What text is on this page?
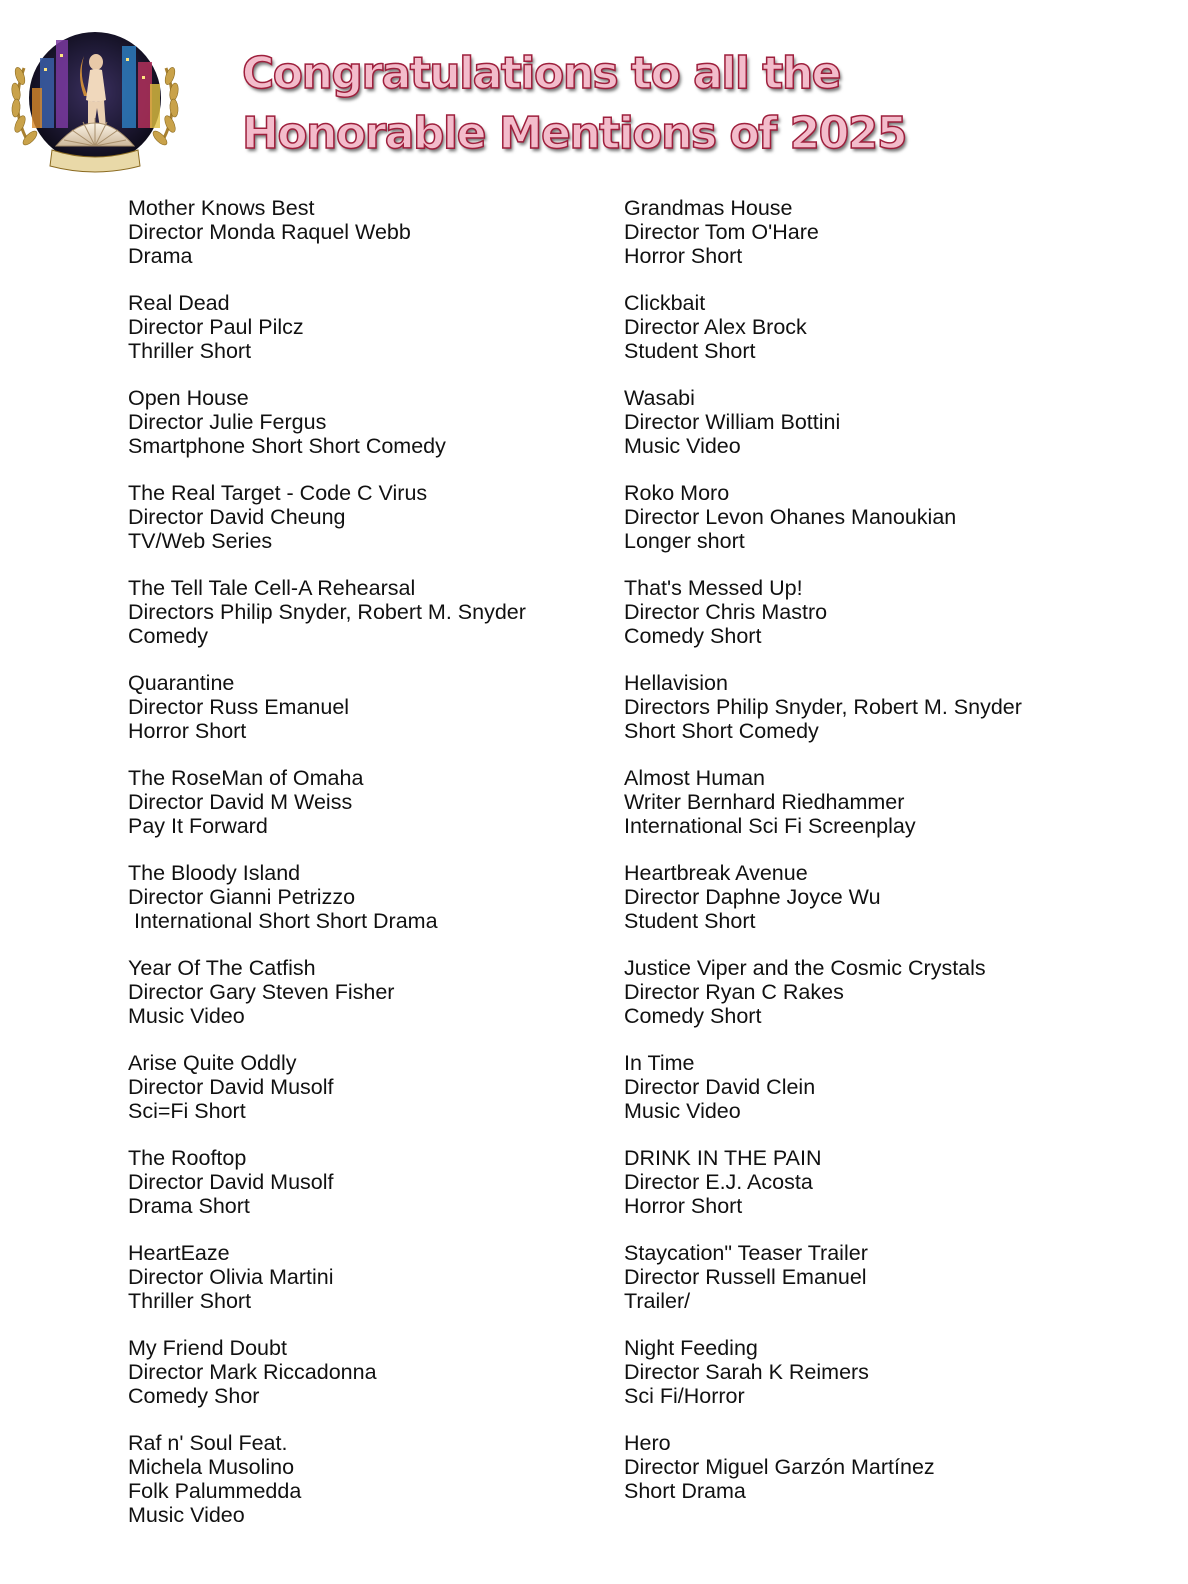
Congratulations to all the
Honorable Mentions of 2025
Mother Knows Best
Director Monda Raquel Webb
Drama
Real Dead
Director Paul Pilcz
Thriller Short
Open House
Director Julie Fergus
Smartphone Short Short Comedy
The Real Target - Code C Virus
Director David Cheung
TV/Web Series
The Tell Tale Cell-A Rehearsal
Directors Philip Snyder, Robert M. Snyder
Comedy
Quarantine
Director Russ Emanuel
Horror Short
The RoseMan of Omaha
Director David M Weiss
Pay It Forward
The Bloody Island
Director Gianni Petrizzo
International Short Short Drama
Year Of The Catfish
Director Gary Steven Fisher
Music Video
Arise Quite Oddly
Director David Musolf
Sci=Fi Short
The Rooftop
Director David Musolf
Drama Short
HeartEaze
Director Olivia Martini
Thriller Short
My Friend Doubt
Director Mark Riccadonna
Comedy Shor
Raf n' Soul Feat.
Michela Musolino
Folk Palummedda
Music Video
Grandmas House
Director Tom O'Hare
Horror Short
Clickbait
Director Alex Brock
Student Short
Wasabi
Director William Bottini
Music Video
Roko Moro
Director Levon Ohanes Manoukian
Longer short
That's Messed Up!
Director Chris Mastro
Comedy Short
Hellavision
Directors Philip Snyder, Robert M. Snyder
Short Short Comedy
Almost Human
Writer Bernhard Riedhammer
International Sci Fi Screenplay
Heartbreak Avenue
Director Daphne Joyce Wu
Student Short
Justice Viper and the Cosmic Crystals
Director Ryan C Rakes
Comedy Short
In Time
Director David Clein
Music Video
DRINK IN THE PAIN
Director E.J. Acosta
Horror Short
Staycation" Teaser Trailer
Director Russell Emanuel
Trailer/
Night Feeding
Director Sarah K Reimers
Sci Fi/Horror
Hero
Director Miguel Garzón Martínez
Short Drama
